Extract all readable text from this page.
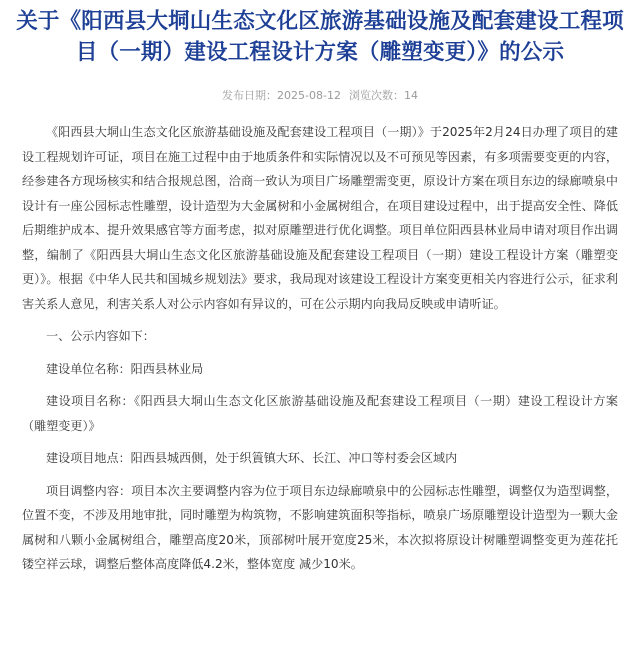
关于《阳西县大垌山生态文化区旅游基础设施及配套建设工程项目（一期）建设工程设计方案（雕塑变更）》的公示
发布日期：2025-08-12 浏览次数：14

《阳西县大垌山生态文化区旅游基础设施及配套建设工程项目（一期）》于2025年2月24日办理了项目的建设工程规划许可证，项目在施工过程中由于地质条件和实际情况以及不可预见等因素，有多项需要变更的内容，经参建各方现场核实和结合报规总图，洽商一致认为项目广场雕塑需变更，原设计方案在项目东边的绿廊喷泉中设计有一座公园标志性雕塑，设计造型为大金属树和小金属树组合，在项目建设过程中，出于提高安全性、降低后期维护成本、提升效果感官等方面考虑，拟对原雕塑进行优化调整。项目单位阳西县林业局申请对项目作出调整，编制了《阳西县大垌山生态文化区旅游基础设施及配套建设工程项目（一期）建设工程设计方案（雕塑变更）》。根据《中华人民共和国城乡规划法》要求，我局现对该建设工程设计方案变更相关内容进行公示，征求利害关系人意见，利害关系人对公示内容如有异议的，可在公示期内向我局反映或申请听证。

一、公示内容如下：

建设单位名称：阳西县林业局

建设项目名称：《阳西县大垌山生态文化区旅游基础设施及配套建设工程项目（一期）建设工程设计方案（雕塑变更）》

建设项目地点：阳西县城西侧，处于织篢镇大环、长江、冲口等村委会区域内

项目调整内容：项目本次主要调整内容为位于项目东边绿廊喷泉中的公园标志性雕塑，调整仅为造型调整，位置不变，不涉及用地审批，同时雕塑为构筑物，不影响建筑面积等指标，喷泉广场原雕塑设计造型为一颗大金属树和八颗小金属树组合，雕塑高度20米，顶部树叶展开宽度25米，本次拟将原设计树雕塑调整变更为莲花托镂空祥云球，调整后整体高度降低4.2米，整体宽度 减少10米。
